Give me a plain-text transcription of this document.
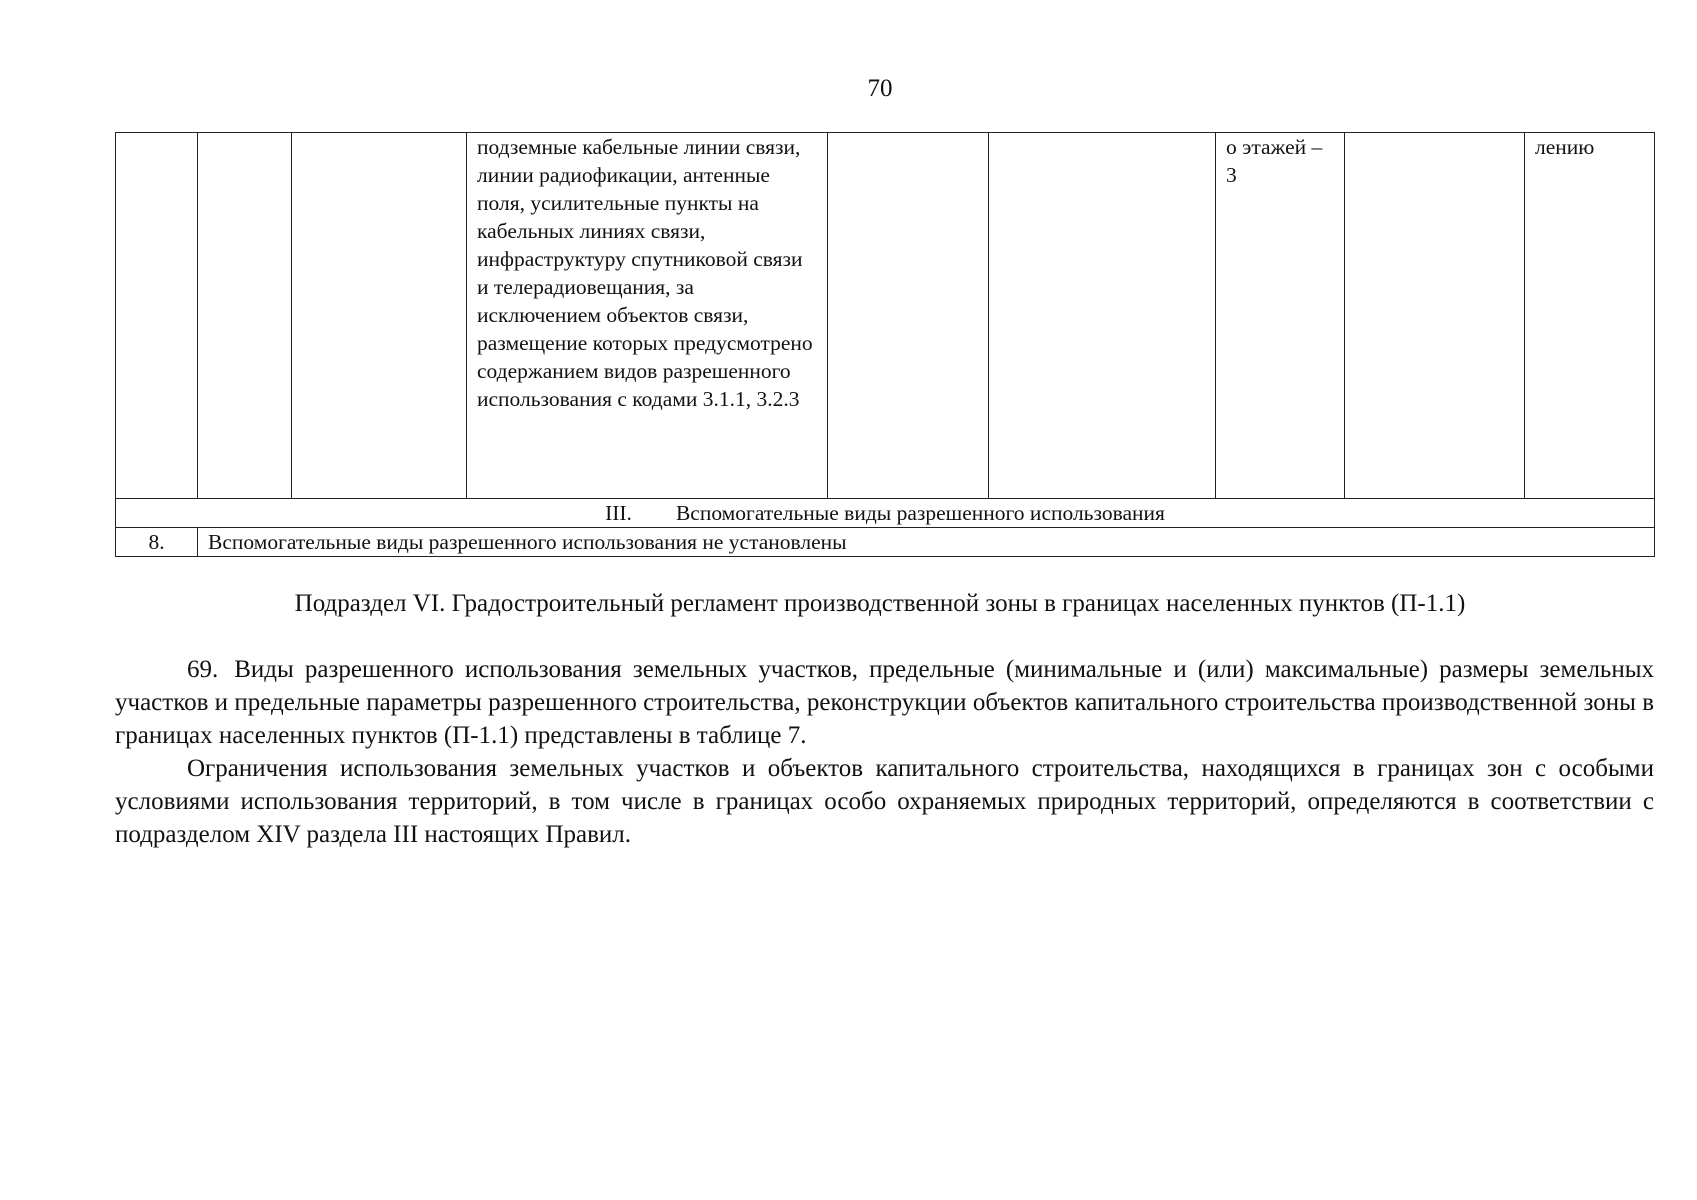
70
			подземные кабельные линии связи, линии радиофикации, антенные поля, усилительные пункты на кабельных линиях связи, инфраструктуру спутниковой связи и телерадиовещания, за исключением объектов связи, размещение которых предусмотрено содержанием видов разрешенного использования с кодами 3.1.1, 3.2.3			о этажей – 3		лению
III. Вспомогательные виды разрешенного использования								
8.	Вспомогательные виды разрешенного использования не установлены							
Подраздел VI. Градостроительный регламент производственной зоны в границах населенных пунктов (П-1.1)

69. Виды разрешенного использования земельных участков, предельные (минимальные и (или) максимальные) размеры земельных участков и предельные параметры разрешенного строительства, реконструкции объектов капитального строительства производственной зоны в границах населенных пунктов (П-1.1) представлены в таблице 7.

Ограничения использования земельных участков и объектов капитального строительства, находящихся в границах зон с особыми условиями использования территорий, в том числе в границах особо охраняемых природных территорий, определяются в соответствии с подразделом XIV раздела III настоящих Правил.
